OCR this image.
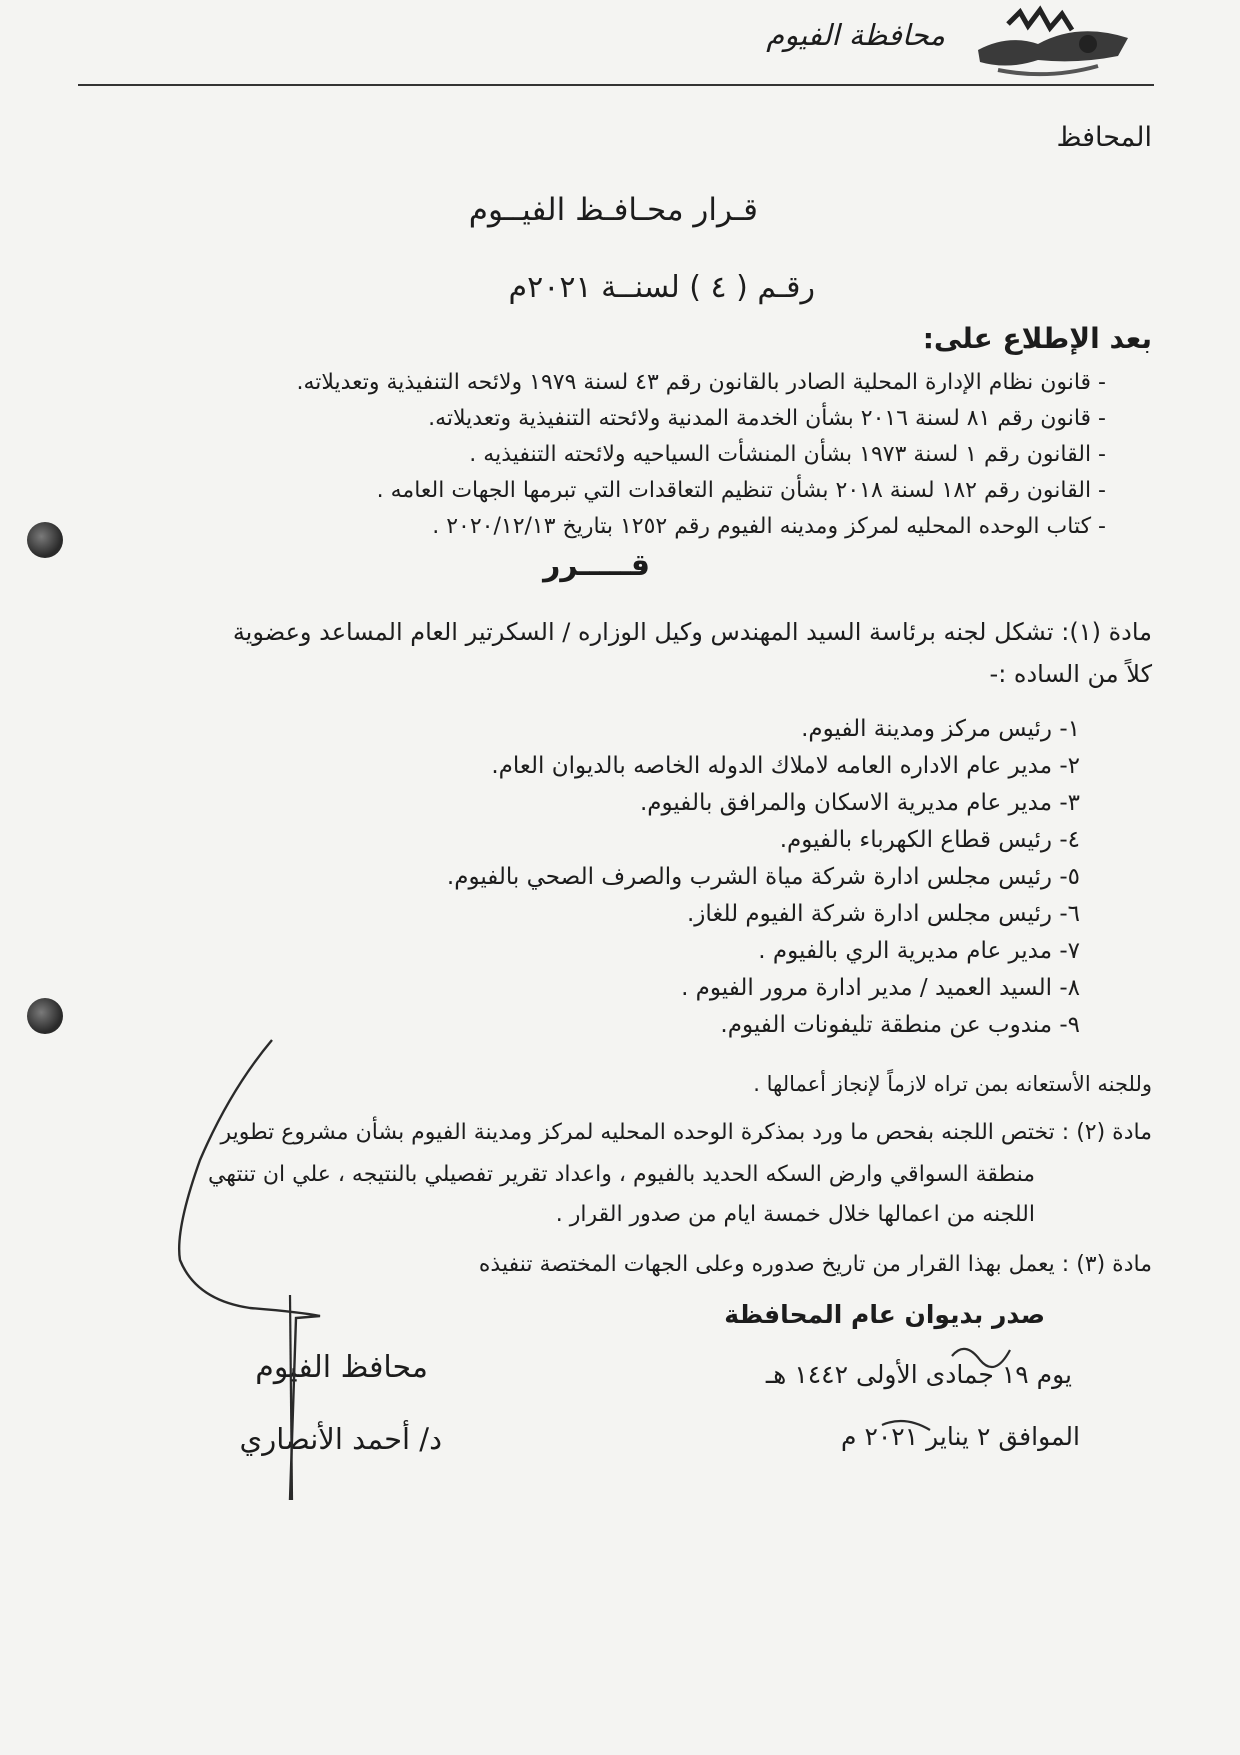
محافظة الفيوم
المحافظ
قـرار محـافـظ الفيــوم
رقـم ( ٤ ) لسنــة ٢٠٢١م
بعد الإطلاع على:
- قانون نظام الإدارة المحلية الصادر بالقانون رقم ٤٣ لسنة ١٩٧٩ ولائحه التنفيذية وتعديلاته.
- قانون رقم ٨١ لسنة ٢٠١٦ بشأن الخدمة المدنية ولائحته التنفيذية وتعديلاته.
- القانون رقم ١ لسنة ١٩٧٣ بشأن المنشأت السياحيه ولائحته التنفيذيه .
- القانون رقم ١٨٢ لسنة ٢٠١٨ بشأن تنظيم التعاقدات التي تبرمها الجهات العامه .
- كتاب الوحده المحليه لمركز ومدينه الفيوم رقم ١٢٥٢ بتاريخ ٢٠٢٠/١٢/١٣ .
قـــــرر
مادة (١): تشكل لجنه برئاسة السيد المهندس وكيل الوزاره / السكرتير العام المساعد وعضوية
كلاً من الساده :-
١- رئيس مركز ومدينة الفيوم.
٢- مدير عام الاداره العامه لاملاك الدوله الخاصه بالديوان العام.
٣- مدير عام مديرية الاسكان والمرافق بالفيوم.
٤- رئيس قطاع الكهرباء بالفيوم.
٥- رئيس مجلس ادارة شركة مياة الشرب والصرف الصحي بالفيوم.
٦- رئيس مجلس ادارة شركة الفيوم للغاز.
٧- مدير عام مديرية الري بالفيوم .
٨- السيد العميد / مدير ادارة مرور الفيوم .
٩- مندوب عن منطقة تليفونات الفيوم.
وللجنه الأستعانه بمن تراه لازماً لإنجاز أعمالها .
مادة (٢) : تختص اللجنه بفحص ما ورد بمذكرة الوحده المحليه لمركز ومدينة الفيوم بشأن مشروع تطوير
منطقة السواقي وارض السكه الحديد بالفيوم ، واعداد تقرير تفصيلي بالنتيجه ، علي ان تنتهي
اللجنه من اعمالها خلال خمسة ايام من صدور القرار .
مادة (٣) : يعمل بهذا القرار من تاريخ صدوره وعلى الجهات المختصة تنفيذه
صدر بديوان عام المحافظة
يوم ١٩ جمادى الأولى ١٤٤٢ هـ
الموافق ٢ يناير ٢٠٢١ م
محافظ الفيوم
د/ أحمد الأنصاري
